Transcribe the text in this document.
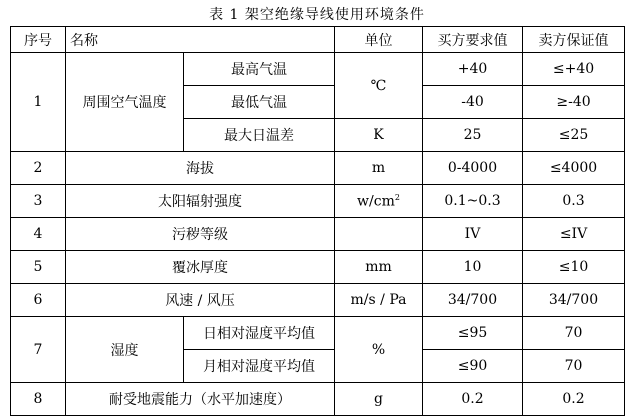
表 1 架空绝缘导线使用环境条件
序号	名称		单位	买方要求值	卖方保证值
1	周围空气温度	最高气温	℃	+40	≤+40
		最低气温		-40	≥-40
		最大日温差	K	25	≤25
2	海拔		m	0-4000	≤4000
3	太阳辐射强度		$w/cm^2$	0.1~0.3	0.3
4	污秽等级			IV	≤IV
5	覆冰厚度		mm	10	≤10
6	风速 / 风压		m/s / Pa	34/700	34/700
7	湿度	日相对湿度平均值	%	≤95	70
		月相对湿度平均值		≤90	70
8	耐受地震能力（水平加速度）		g	0.2	0.2
